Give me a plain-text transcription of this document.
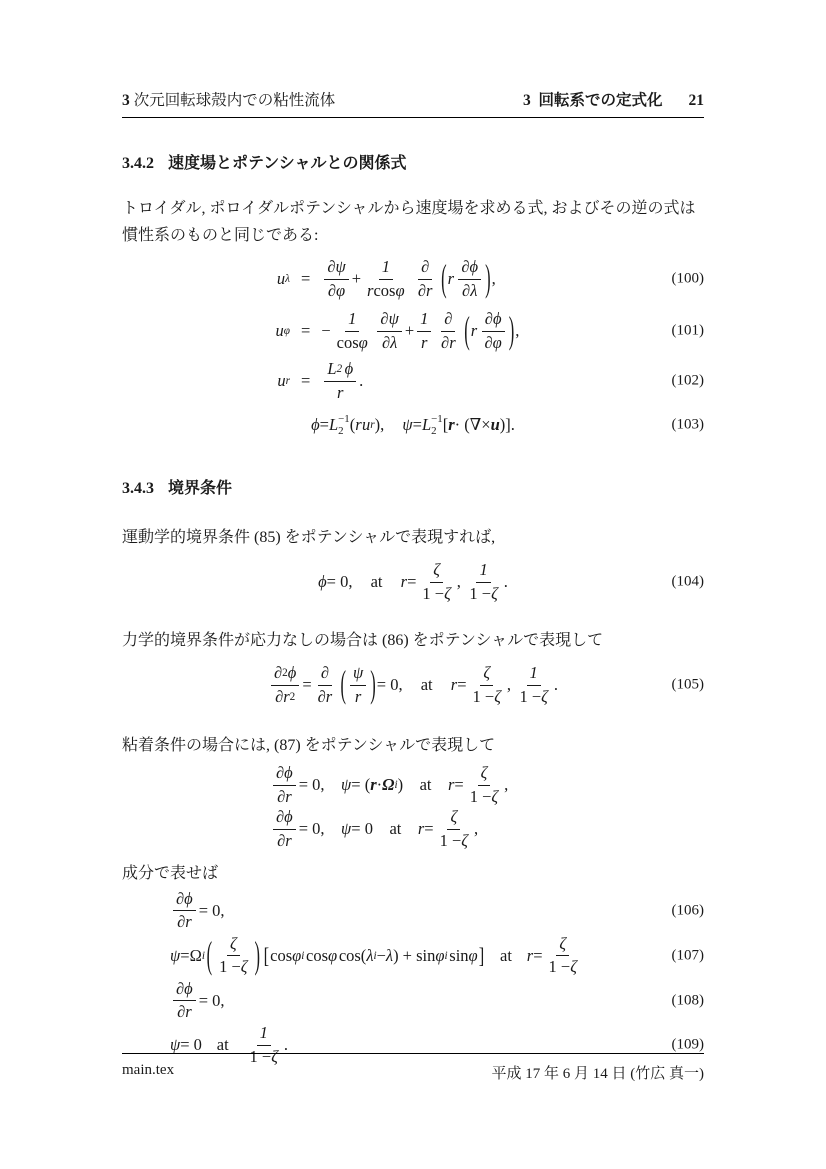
3 次元回転球殻内での粘性流体	3 回転系での定式化 21
3.4.2 速度場とポテンシャルとの関係式
トロイダル, ポロイダルポテンシャルから速度場を求める式, およびその逆の式は
慣性系のものと同じである:
u λ =
∂ψ
∂φ
+ $\frac{1}{\text{r cos φ}}$ ∂
∂r ( r
∂ϕ
∂λ ) ,	(100)
u φ = − $\frac{1}{\text{cos φ}} \partial\psi$
∂λ
+ $\frac{1}{r}$ ∂
∂r ( r
∂ϕ
∂φ ) ,	(101)
u r =
L 2 ϕ
r
.	(102)
ϕ = L −1
2 ( r u r ), ψ = L −1
2 [ r · ( ∇× u )].	(103)
3.4.3 境界条件
運動学的境界条件 (85) をポテンシャルで表現すれば,
ϕ = 0, at $r = \frac{\zeta}{1 - \zeta}$ ,
1
1 − ζ
.	(104)
力学的境界条件が応力なしの場合は (86) をポテンシャルで表現して
$\frac{\partial 2 \phi}{\partial r 2}$ =
∂
∂r ( ψ
r ) = 0, at $r = \frac{\zeta}{1 - \zeta}$ ,
1
1 − ζ
.	(105)
粘着条件の場合には, (87) をポテンシャルで表現して
$\frac{\partial\phi}{\partial r} = 0$, ψ = ( r · Ω i ) at $r = \frac{\zeta}{1 - \zeta}$ ,
$\frac{\partial\phi}{\partial r} = 0$, ψ = 0 at $r = \frac{\zeta}{1 - \zeta}$ ,
成分で表せば
$\frac{\partial\phi}{\partial r} = 0$,	(106)
ψ = Ω i ( ζ
1 − ζ ) [ cos φ i cos φ cos( λ i − λ ) + sin φ i sin φ ] at $r = \frac{\zeta}{1 - \zeta}$	(107)
$\frac{\partial\phi}{\partial r} = 0$,	(108)
ψ = 0 at
1
1 − ζ
.	(109)
main.tex	平成 17 年 6 月 14 日 (竹広 真一)
